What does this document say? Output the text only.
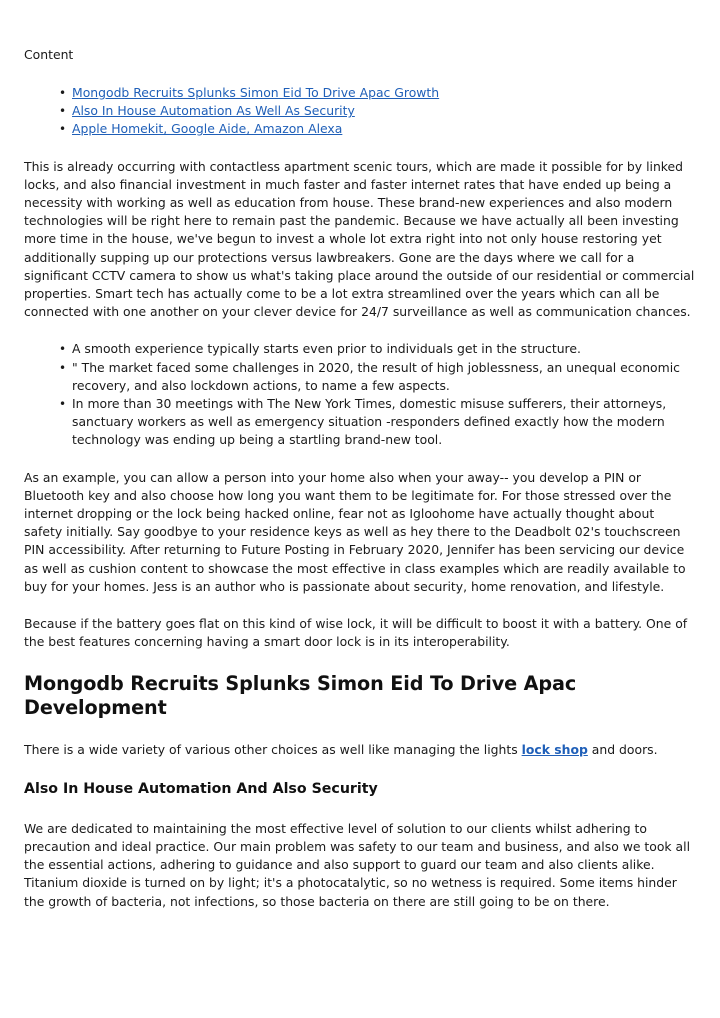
Content
• Mongodb Recruits Splunks Simon Eid To Drive Apac Growth
• Also In House Automation As Well As Security
• Apple Homekit, Google Aide, Amazon Alexa

This is already occurring with contactless apartment scenic tours, which are made it possible for by linked locks, and also financial investment in much faster and faster internet rates that have ended up being a necessity with working as well as education from house. These brand-new experiences and also modern technologies will be right here to remain past the pandemic. Because we have actually all been investing more time in the house, we've begun to invest a whole lot extra right into not only house restoring yet additionally supping up our protections versus lawbreakers. Gone are the days where we call for a significant CCTV camera to show us what's taking place around the outside of our residential or commercial properties. Smart tech has actually come to be a lot extra streamlined over the years which can all be connected with one another on your clever device for 24/7 surveillance as well as communication chances.

• A smooth experience typically starts even prior to individuals get in the structure.
• " The market faced some challenges in 2020, the result of high joblessness, an unequal economic recovery, and also lockdown actions, to name a few aspects.
• In more than 30 meetings with The New York Times, domestic misuse sufferers, their attorneys, sanctuary workers as well as emergency situation -responders defined exactly how the modern technology was ending up being a startling brand-new tool.

As an example, you can allow a person into your home also when your away-- you develop a PIN or Bluetooth key and also choose how long you want them to be legitimate for. For those stressed over the internet dropping or the lock being hacked online, fear not as Igloohome have actually thought about safety initially. Say goodbye to your residence keys as well as hey there to the Deadbolt 02's touchscreen PIN accessibility. After returning to Future Posting in February 2020, Jennifer has been servicing our device as well as cushion content to showcase the most effective in class examples which are readily available to buy for your homes. Jess is an author who is passionate about security, home renovation, and lifestyle.

Because if the battery goes flat on this kind of wise lock, it will be difficult to boost it with a battery. One of the best features concerning having a smart door lock is in its interoperability.

Mongodb Recruits Splunks Simon Eid To Drive Apac Development

There is a wide variety of various other choices as well like managing the lights lock shop and doors.

Also In House Automation And Also Security

We are dedicated to maintaining the most effective level of solution to our clients whilst adhering to precaution and ideal practice. Our main problem was safety to our team and business, and also we took all the essential actions, adhering to guidance and also support to guard our team and also clients alike. Titanium dioxide is turned on by light; it's a photocatalytic, so no wetness is required. Some items hinder the growth of bacteria, not infections, so those bacteria on there are still going to be on there.
